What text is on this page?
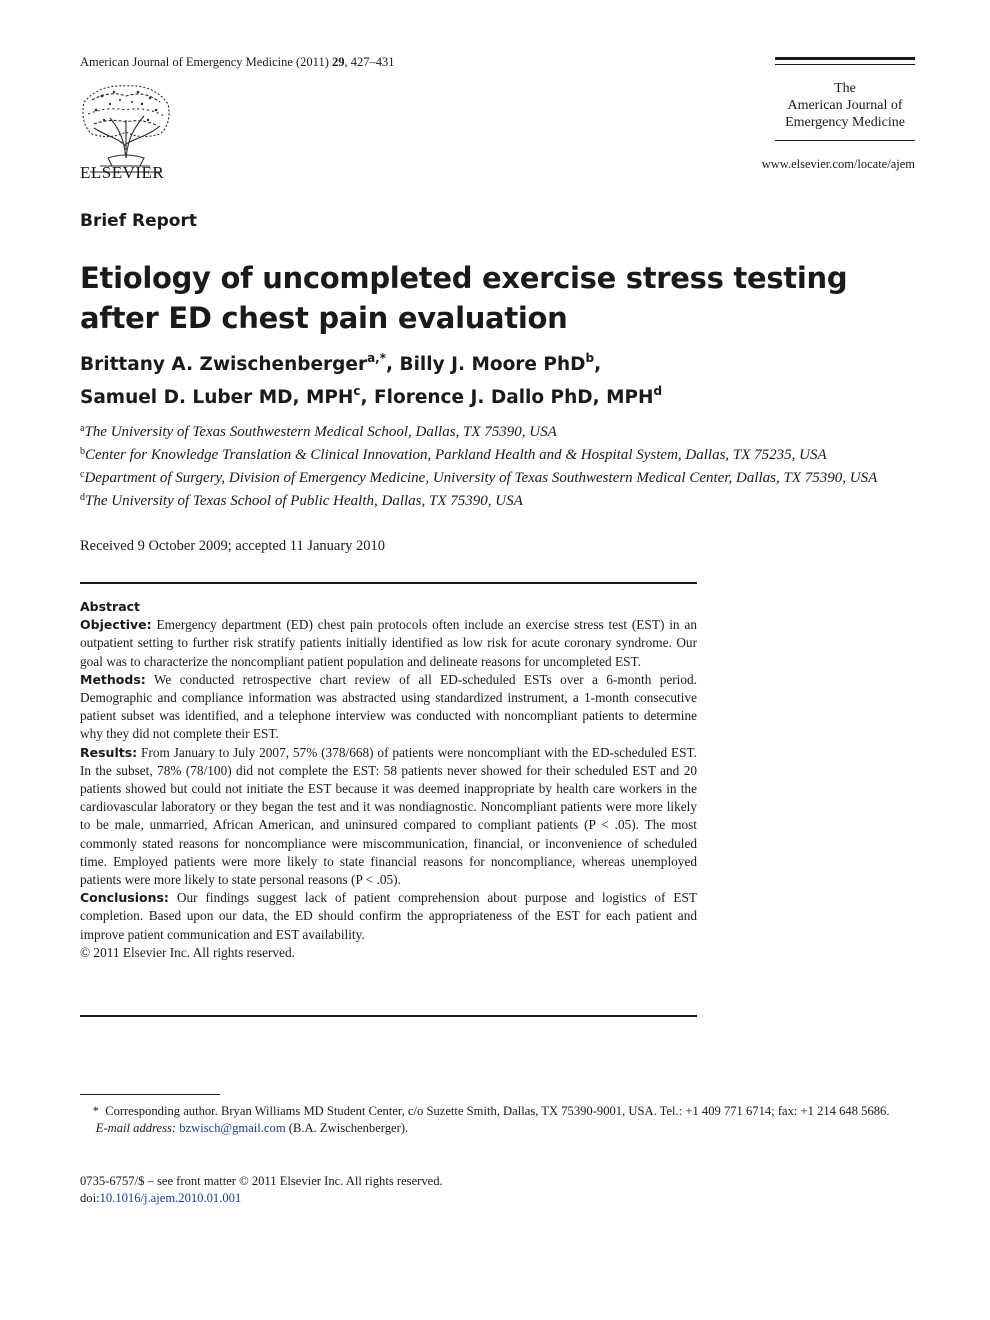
American Journal of Emergency Medicine (2011) 29, 427–431
ELSEVIER
The
American Journal of
Emergency Medicine
www.elsevier.com/locate/ajem
Brief Report
Etiology of uncompleted exercise stress testing after ED chest pain evaluation
Brittany A. Zwischenberger$^{a,*}$, Billy J. Moore PhD$^b$,
Samuel D. Luber MD, MPH$^c$, Florence J. Dallo PhD, MPH$^d$
$^a$The University of Texas Southwestern Medical School, Dallas, TX 75390, USA
$^b$Center for Knowledge Translation & Clinical Innovation, Parkland Health and & Hospital System, Dallas, TX 75235, USA
$^c$Department of Surgery, Division of Emergency Medicine, University of Texas Southwestern Medical Center, Dallas, TX 75390, USA
$^d$The University of Texas School of Public Health, Dallas, TX 75390, USA
Received 9 October 2009; accepted 11 January 2010
Abstract

Objective: Emergency department (ED) chest pain protocols often include an exercise stress test (EST) in an outpatient setting to further risk stratify patients initially identified as low risk for acute coronary syndrome. Our goal was to characterize the noncompliant patient population and delineate reasons for uncompleted EST.

Methods: We conducted retrospective chart review of all ED-scheduled ESTs over a 6-month period. Demographic and compliance information was abstracted using standardized instrument, a 1-month consecutive patient subset was identified, and a telephone interview was conducted with noncompliant patients to determine why they did not complete their EST.

Results: From January to July 2007, 57% (378/668) of patients were noncompliant with the ED-scheduled EST. In the subset, 78% (78/100) did not complete the EST: 58 patients never showed for their scheduled EST and 20 patients showed but could not initiate the EST because it was deemed inappropriate by health care workers in the cardiovascular laboratory or they began the test and it was nondiagnostic. Noncompliant patients were more likely to be male, unmarried, African American, and uninsured compared to compliant patients (P < .05). The most commonly stated reasons for noncompliance were miscommunication, financial, or inconvenience of scheduled time. Employed patients were more likely to state financial reasons for noncompliance, whereas unemployed patients were more likely to state personal reasons (P < .05).

Conclusions: Our findings suggest lack of patient comprehension about purpose and logistics of EST completion. Based upon our data, the ED should confirm the appropriateness of the EST for each patient and improve patient communication and EST availability.

© 2011 Elsevier Inc. All rights reserved.

* Corresponding author. Bryan Williams MD Student Center, c/o Suzette Smith, Dallas, TX 75390-9001, USA. Tel.: +1 409 771 6714; fax: +1 214 648 5686.

E-mail address: bzwisch@gmail.com (B.A. Zwischenberger).

0735-6757/$ – see front matter © 2011 Elsevier Inc. All rights reserved.

doi:10.1016/j.ajem.2010.01.001
